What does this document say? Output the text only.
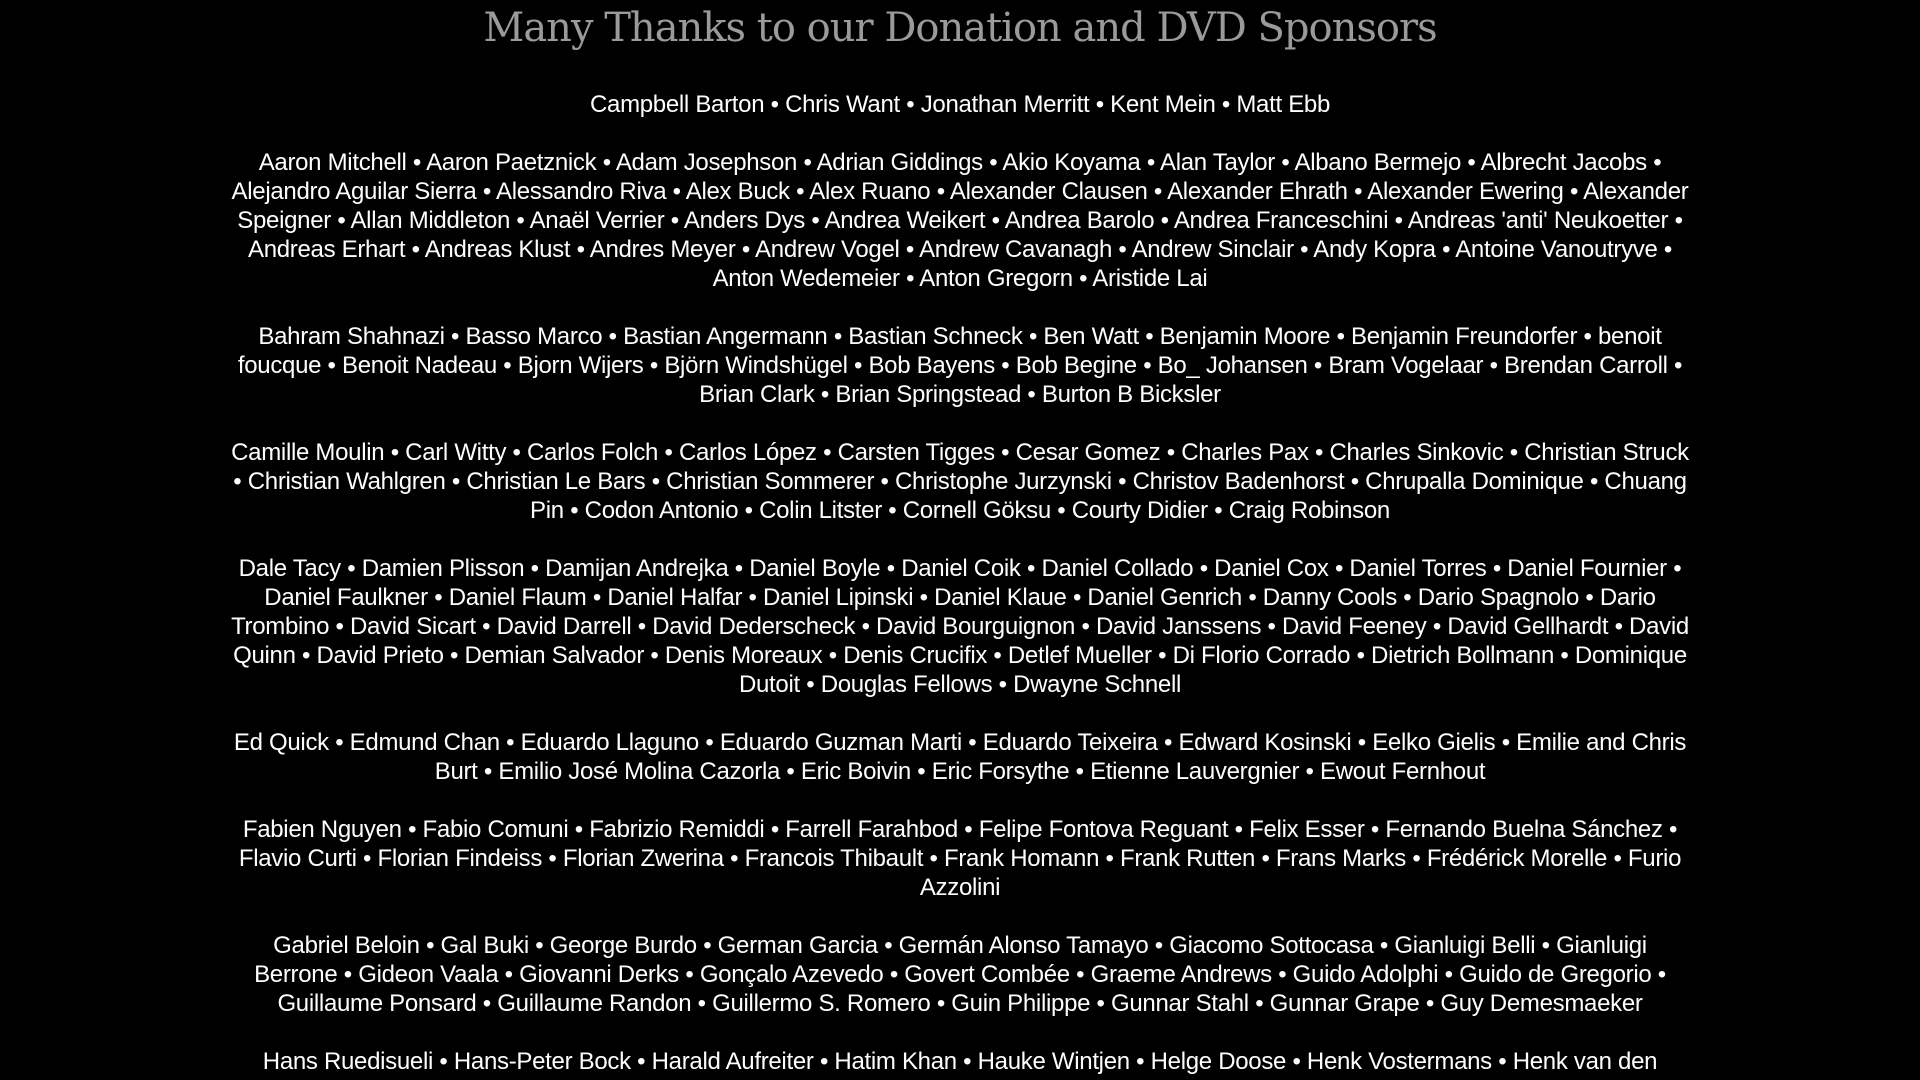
Many Thanks to our Donation and DVD Sponsors

Campbell Barton • Chris Want • Jonathan Merritt • Kent Mein • Matt Ebb

Aaron Mitchell • Aaron Paetznick • Adam Josephson • Adrian Giddings • Akio Koyama • Alan Taylor • Albano Bermejo • Albrecht Jacobs • Alejandro Aguilar Sierra • Alessandro Riva • Alex Buck • Alex Ruano • Alexander Clausen • Alexander Ehrath • Alexander Ewering • Alexander Speigner • Allan Middleton • Anaël Verrier • Anders Dys • Andrea Weikert • Andrea Barolo • Andrea Franceschini • Andreas 'anti' Neukoetter • Andreas Erhart • Andreas Klust • Andres Meyer • Andrew Vogel • Andrew Cavanagh • Andrew Sinclair • Andy Kopra • Antoine Vanoutryve • Anton Wedemeier • Anton Gregorn • Aristide Lai

Bahram Shahnazi • Basso Marco • Bastian Angermann • Bastian Schneck • Ben Watt • Benjamin Moore • Benjamin Freundorfer • benoit foucque • Benoit Nadeau • Bjorn Wijers • Björn Windshügel • Bob Bayens • Bob Begine • Bo_ Johansen • Bram Vogelaar • Brendan Carroll • Brian Clark • Brian Springstead • Burton B Bicksler

Camille Moulin • Carl Witty • Carlos Folch • Carlos López • Carsten Tigges • Cesar Gomez • Charles Pax • Charles Sinkovic • Christian Struck • Christian Wahlgren • Christian Le Bars • Christian Sommerer • Christophe Jurzynski • Christov Badenhorst • Chrupalla Dominique • Chuang Pin • Codon Antonio • Colin Litster • Cornell Göksu • Courty Didier • Craig Robinson

Dale Tacy • Damien Plisson • Damijan Andrejka • Daniel Boyle • Daniel Coik • Daniel Collado • Daniel Cox • Daniel Torres • Daniel Fournier • Daniel Faulkner • Daniel Flaum • Daniel Halfar • Daniel Lipinski • Daniel Klaue • Daniel Genrich • Danny Cools • Dario Spagnolo • Dario Trombino • David Sicart • David Darrell • David Dederscheck • David Bourguignon • David Janssens • David Feeney • David Gellhardt • David Quinn • David Prieto • Demian Salvador • Denis Moreaux • Denis Crucifix • Detlef Mueller • Di Florio Corrado • Dietrich Bollmann • Dominique Dutoit • Douglas Fellows • Dwayne Schnell

Ed Quick • Edmund Chan • Eduardo Llaguno • Eduardo Guzman Marti • Eduardo Teixeira • Edward Kosinski • Eelko Gielis • Emilie and Chris Burt • Emilio José Molina Cazorla • Eric Boivin • Eric Forsythe • Etienne Lauvergnier • Ewout Fernhout

Fabien Nguyen • Fabio Comuni • Fabrizio Remiddi • Farrell Farahbod • Felipe Fontova Reguant • Felix Esser • Fernando Buelna Sánchez • Flavio Curti • Florian Findeiss • Florian Zwerina • Francois Thibault • Frank Homann • Frank Rutten • Frans Marks • Frédérick Morelle • Furio Azzolini

Gabriel Beloin • Gal Buki • George Burdo • German Garcia • Germán Alonso Tamayo • Giacomo Sottocasa • Gianluigi Belli • Gianluigi Berrone • Gideon Vaala • Giovanni Derks • Gonçalo Azevedo • Govert Combée • Graeme Andrews • Guido Adolphi • Guido de Gregorio • Guillaume Ponsard • Guillaume Randon • Guillermo S. Romero • Guin Philippe • Gunnar Stahl • Gunnar Grape • Guy Demesmaeker

Hans Ruedisueli • Hans-Peter Bock • Harald Aufreiter • Hatim Khan • Hauke Wintjen • Helge Doose • Henk Vostermans • Henk van den
